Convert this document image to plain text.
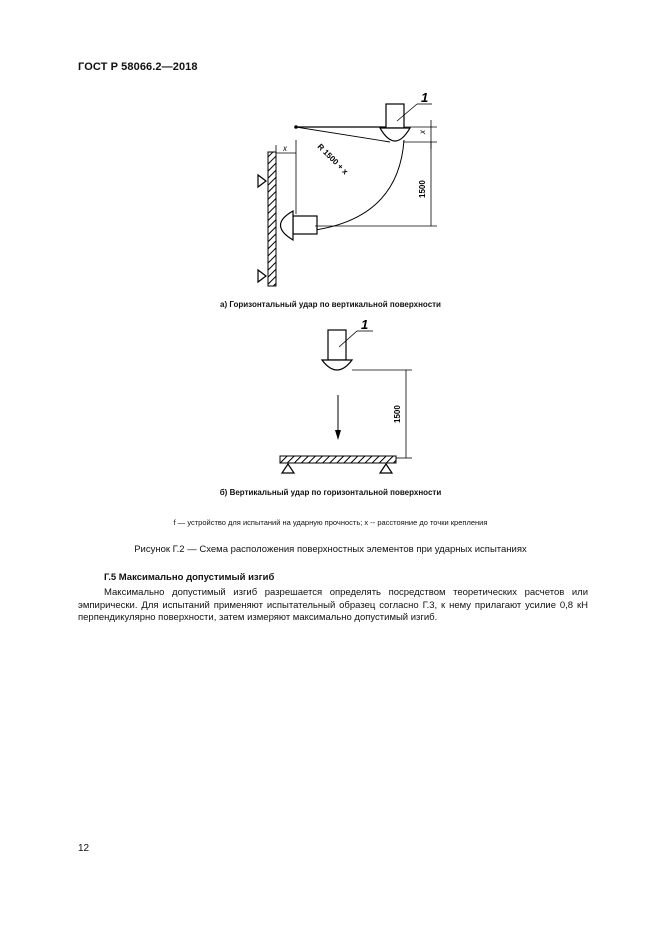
ГОСТ Р 58066.2—2018
1
x
x	R 1500 + x
1500
1
1500
а) Горизонтальный удар по вертикальной поверхности
б) Вертикальный удар по горизонтальной поверхности
f — устройство для испытаний на ударную прочность; x -- расстояние до точки крепления
Рисунок Г.2 — Схема расположения поверхностных элементов при ударных испытаниях
Г.5 Максимально допустимый изгиб
Максимально допустимый изгиб разрешается определять посредством теоретических расчетов или эмпирически. Для испытаний применяют испытательный образец согласно Г.3, к нему прилагают усилие 0,8 кН перпендикулярно поверхности, затем измеряют максимально допустимый изгиб.
12
